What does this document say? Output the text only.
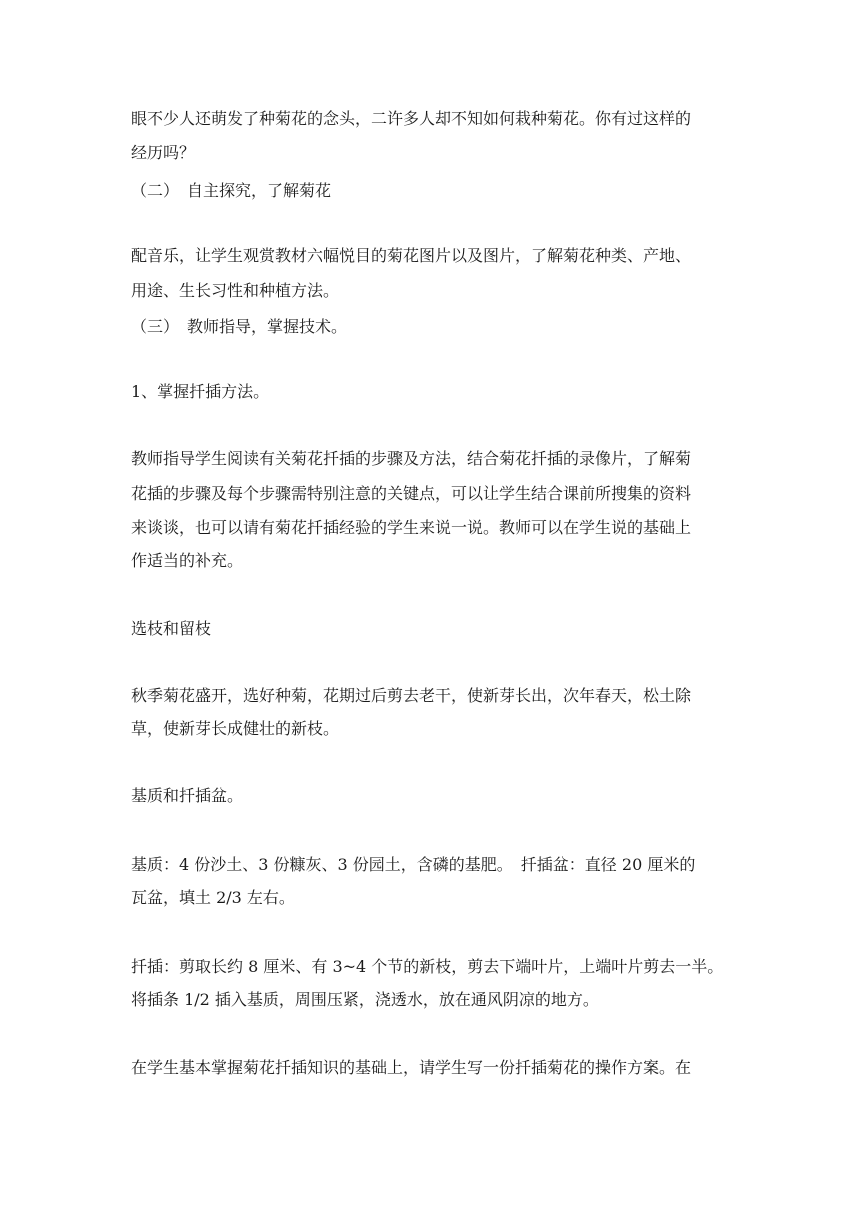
眼不少人还萌发了种菊花的念头，二许多人却不知如何栽种菊花。你有过这样的
经历吗？
（二）　自主探究，了解菊花
配音乐，让学生观赏教材六幅悦目的菊花图片以及图片，了解菊花种类、产地、
用途、生长习性和种植方法。
（三）　教师指导，掌握技术。
1、掌握扦插方法。
教师指导学生阅读有关菊花扦插的步骤及方法，结合菊花扦插的录像片，了解菊
花插的步骤及每个步骤需特别注意的关键点，可以让学生结合课前所搜集的资料
来谈谈，也可以请有菊花扦插经验的学生来说一说。教师可以在学生说的基础上
作适当的补充。
选枝和留枝
秋季菊花盛开，选好种菊，花期过后剪去老干，使新芽长出，次年春天，松土除
草，使新芽长成健壮的新枝。
基质和扦插盆。
基质：4 份沙土、3 份糠灰、3 份园土，含磷的基肥。　扦插盆：直径 20 厘米的
瓦盆，填土 2/3 左右。
扦插：剪取长约 8 厘米、有 3~4 个节的新枝，剪去下端叶片，上端叶片剪去一半。
将插条 1/2 插入基质，周围压紧，浇透水，放在通风阴凉的地方。
在学生基本掌握菊花扦插知识的基础上，请学生写一份扦插菊花的操作方案。在
